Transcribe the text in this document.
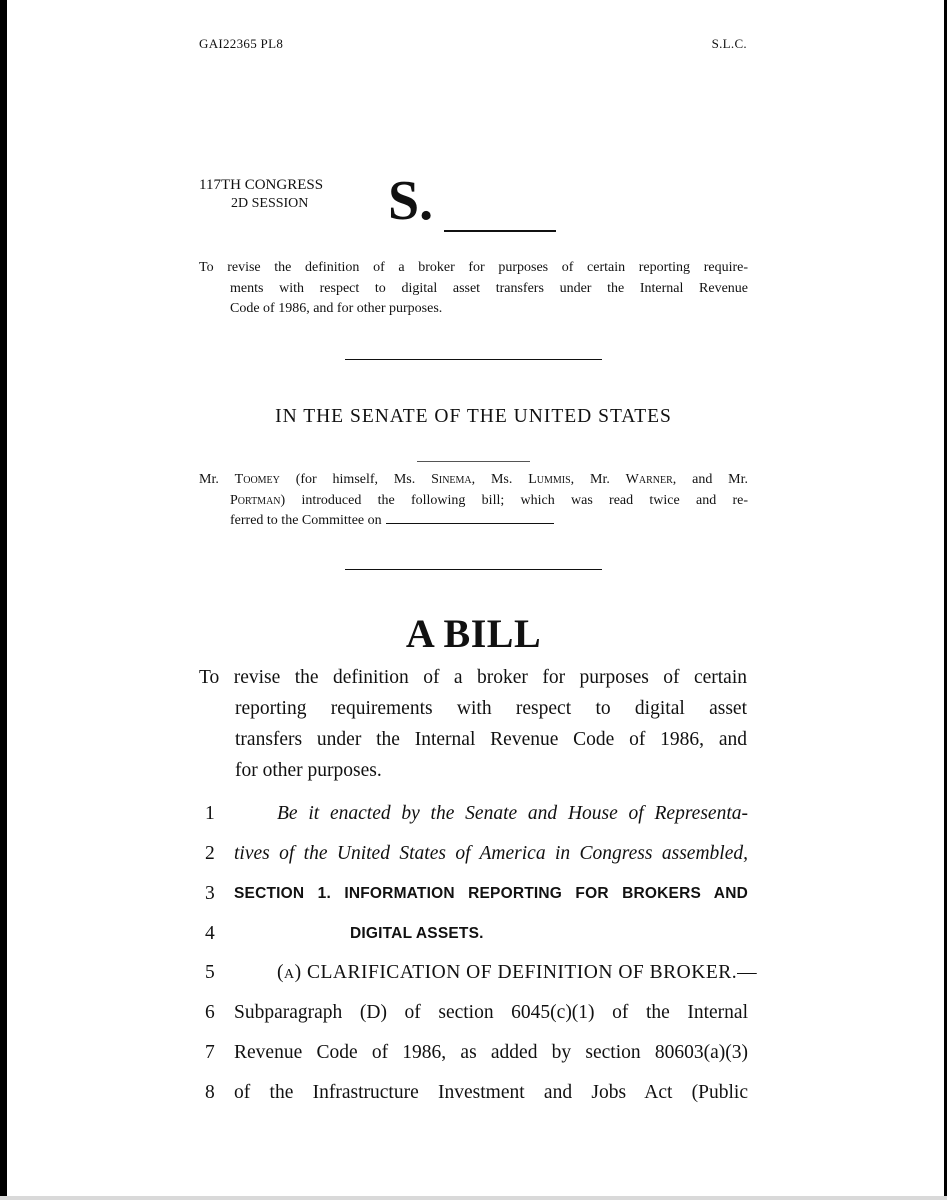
GAI22365 PL8	S.L.C.
117TH CONGRESS
2D SESSION S.
To revise the definition of a broker for purposes of certain reporting require-
ments with respect to digital asset transfers under the Internal Revenue
Code of 1986, and for other purposes.
IN THE SENATE OF THE UNITED STATES
Mr. Toomey (for himself, Ms. Sinema, Ms. Lummis, Mr. Warner, and Mr.
Portman) introduced the following bill; which was read twice and re-
ferred to the Committee on
A BILL
To revise the definition of a broker for purposes of certain
reporting requirements with respect to digital asset
transfers under the Internal Revenue Code of 1986, and
for other purposes.
1	Be it enacted by the Senate and House of Representa-
2 tives of the United States of America in Congress assembled,
3	SECTION 1. INFORMATION REPORTING FOR BROKERS AND
4	DIGITAL ASSETS.
5	(a) CLARIFICATION OF DEFINITION OF BROKER.—
6 Subparagraph (D) of section 6045(c)(1) of the Internal
7 Revenue Code of 1986, as added by section 80603(a)(3)
8 of the Infrastructure Investment and Jobs Act (Public
